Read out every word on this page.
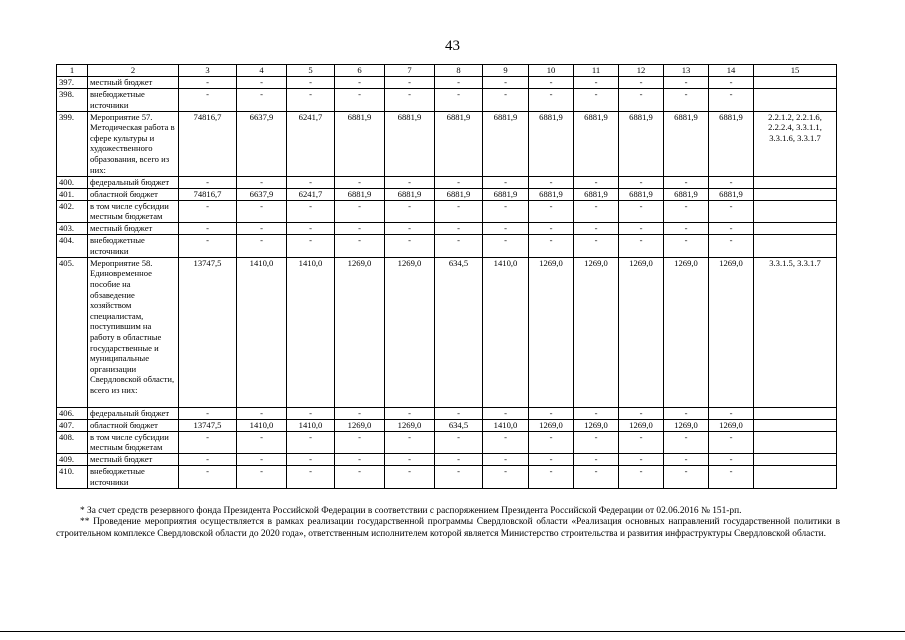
43
1	2	3	4	5	6	7	8	9	10	11	12	13	14	15
397.	местный бюджет	-	-	-	-	-	-	-	-	-	-	-	-	
398.	внебюджетные источники	-	-	-	-	-	-	-	-	-	-	-	-	
399.	Мероприятие 57. Методическая работа в сфере культуры и художественного образования, всего из них:	74816,7	6637,9	6241,7	6881,9	6881,9	6881,9	6881,9	6881,9	6881,9	6881,9	6881,9	6881,9	2.2.1.2, 2.2.1.6, 2.2.2.4, 3.3.1.1, 3.3.1.6, 3.3.1.7
400.	федеральный бюджет	-	-	-	-	-	-	-	-	-	-	-	-	
401.	областной бюджет	74816,7	6637,9	6241,7	6881,9	6881,9	6881,9	6881,9	6881,9	6881,9	6881,9	6881,9	6881,9	
402.	в том числе субсидии местным бюджетам	-	-	-	-	-	-	-	-	-	-	-	-	
403.	местный бюджет	-	-	-	-	-	-	-	-	-	-	-	-	
404.	внебюджетные источники	-	-	-	-	-	-	-	-	-	-	-	-	
405.	Мероприятие 58. Единовременное пособие на обзаведение хозяйством специалистам, поступившим на работу в областные государственные и муниципальные организации Свердловской области, всего из них:	13747,5	1410,0	1410,0	1269,0	1269,0	634,5	1410,0	1269,0	1269,0	1269,0	1269,0	1269,0	3.3.1.5, 3.3.1.7
406.	федеральный бюджет	-	-	-	-	-	-	-	-	-	-	-	-	
407.	областной бюджет	13747,5	1410,0	1410,0	1269,0	1269,0	634,5	1410,0	1269,0	1269,0	1269,0	1269,0	1269,0	
408.	в том числе субсидии местным бюджетам	-	-	-	-	-	-	-	-	-	-	-	-	
409.	местный бюджет	-	-	-	-	-	-	-	-	-	-	-	-	
410.	внебюджетные источники	-	-	-	-	-	-	-	-	-	-	-	-	

* За счет средств резервного фонда Президента Российской Федерации в соответствии с распоряжением Президента Российской Федерации от 02.06.2016 № 151-рп.

** Проведение мероприятия осуществляется в рамках реализации государственной программы Свердловской области «Реализация основных направлений государственной политики в строительном комплексе Свердловской области до 2020 года», ответственным исполнителем которой является Министерство строительства и развития инфраструктуры Свердловской области.
